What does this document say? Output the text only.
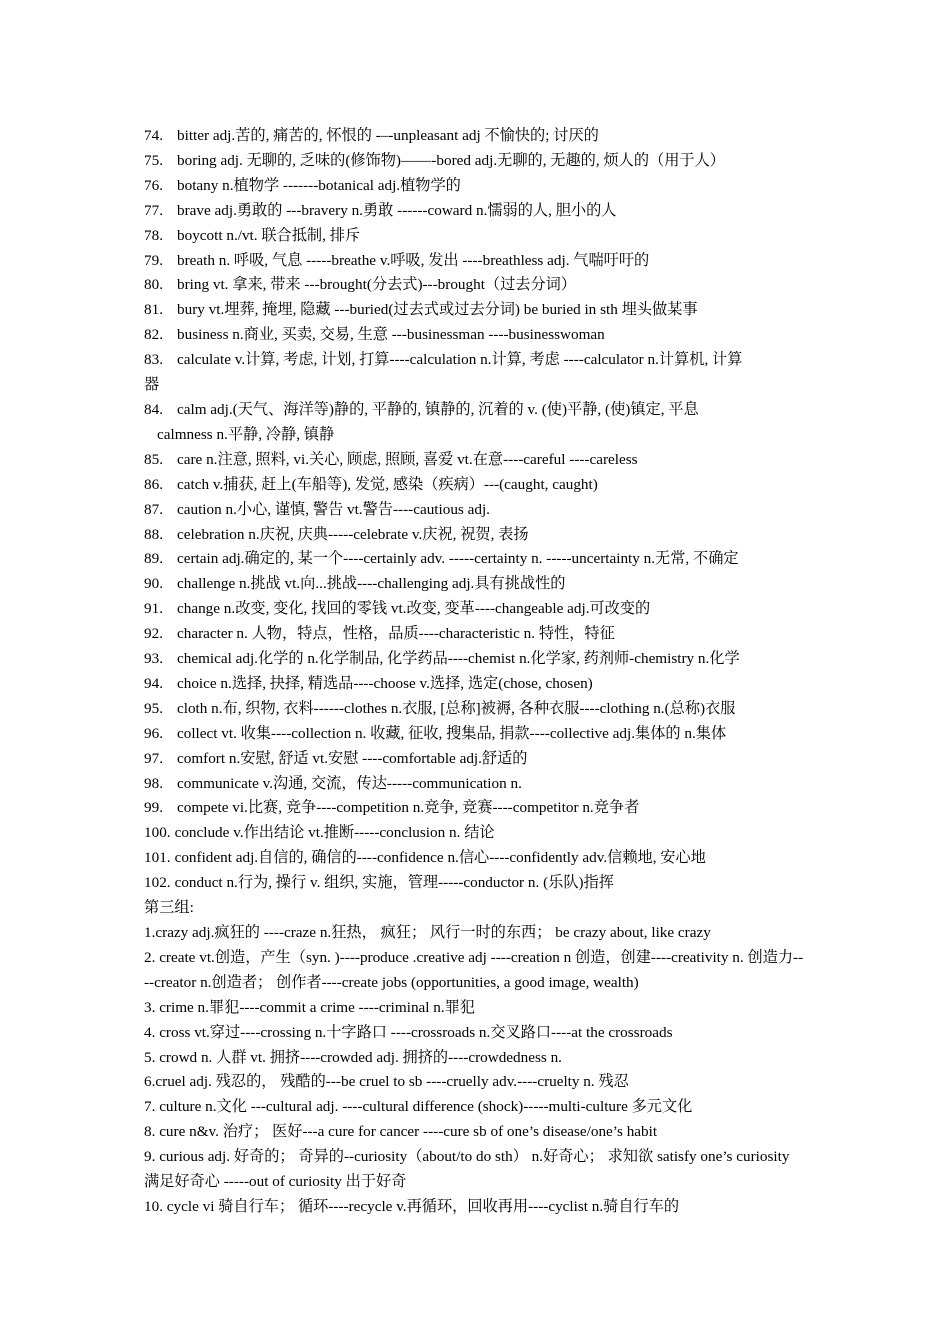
74. bitter adj.苦的, 痛苦的, 怀恨的 -–-unpleasant adj 不愉快的; 讨厌的
75. boring adj. 无聊的, 乏味的(修饰物)——-bored adj.无聊的, 无趣的, 烦人的（用于人）
76. botany n.植物学 -------botanical adj.植物学的
77. brave adj.勇敢的 ---bravery n.勇敢 ------coward n.懦弱的人, 胆小的人
78. boycott n./vt. 联合抵制, 排斥
79. breath n. 呼吸, 气息 -----breathe v.呼吸, 发出 ----breathless adj. 气喘吁吁的
80. bring vt. 拿来, 带来 ---brought(分去式)---brought（过去分词）
81. bury vt.埋葬, 掩埋, 隐藏 ---buried(过去式或过去分词) be buried in sth 埋头做某事
82. business n.商业, 买卖, 交易, 生意 ---businessman ----businesswoman
83. calculate v.计算, 考虑, 计划, 打算----calculation n.计算, 考虑 ----calculator n.计算机, 计算
器
84. calm adj.(天气、海洋等)静的, 平静的, 镇静的, 沉着的 v. (使)平静, (使)镇定, 平息
calmness n.平静, 冷静, 镇静
85. care n.注意, 照料, vi.关心, 顾虑, 照顾, 喜爱 vt.在意----careful ----careless
86. catch v.捕获, 赶上(车船等), 发觉, 感染（疾病）---(caught, caught)
87. caution n.小心, 谨慎, 警告 vt.警告----cautious adj.
88. celebration n.庆祝, 庆典-----celebrate v.庆祝, 祝贺, 表扬
89. certain adj.确定的, 某一个----certainly adv. -----certainty n. -----uncertainty n.无常, 不确定
90. challenge n.挑战 vt.向...挑战----challenging adj.具有挑战性的
91. change n.改变, 变化, 找回的零钱 vt.改变, 变革----changeable adj.可改变的
92. character n. 人物，特点，性格，品质----characteristic n. 特性，特征
93. chemical adj.化学的 n.化学制品, 化学药品----chemist n.化学家, 药剂师-chemistry n.化学
94. choice n.选择, 抉择, 精选品----choose v.选择, 选定(chose, chosen)
95. cloth n.布, 织物, 衣料------clothes n.衣服, [总称]被褥, 各种衣服----clothing n.(总称)衣服
96. collect vt. 收集----collection n. 收藏, 征收, 搜集品, 捐款----collective adj.集体的 n.集体
97. comfort n.安慰, 舒适 vt.安慰 ----comfortable adj.舒适的
98. communicate v.沟通, 交流，传达-----communication n.
99. compete vi.比赛, 竞争----competition n.竞争, 竞赛----competitor n.竞争者
100. conclude v.作出结论 vt.推断-----conclusion n. 结论
101. confident adj.自信的, 确信的----confidence n.信心----confidently adv.信赖地, 安心地
102. conduct n.行为, 操行 v. 组织, 实施，管理-----conductor n. (乐队)指挥
第三组:
1.crazy adj.疯狂的 ----craze n.狂热， 疯狂； 风行一时的东西； be crazy about, like crazy
2. create vt.创造，产生（syn. )----produce .creative adj ----creation n 创造，创建----creativity n. 创造力----creator n.创造者； 创作者----create jobs (opportunities, a good image, wealth)
3. crime n.罪犯----commit a crime ----criminal n.罪犯
4. cross vt.穿过----crossing n.十字路口 ----crossroads n.交叉路口----at the crossroads
5. crowd n. 人群 vt. 拥挤----crowded adj. 拥挤的----crowdedness n.
6.cruel adj. 残忍的， 残酷的---be cruel to sb ----cruelly adv.----cruelty n. 残忍
7. culture n.文化 ---cultural adj. ----cultural difference (shock)-----multi-culture 多元文化
8. cure n&v. 治疗； 医好---a cure for cancer ----cure sb of one’s disease/one’s habit
9. curious adj. 好奇的； 奇异的--curiosity（about/to do sth） n.好奇心； 求知欲 satisfy one’s curiosity 满足好奇心 -----out of curiosity 出于好奇
10. cycle vi 骑自行车； 循环----recycle v.再循环，回收再用----cyclist n.骑自行车的
